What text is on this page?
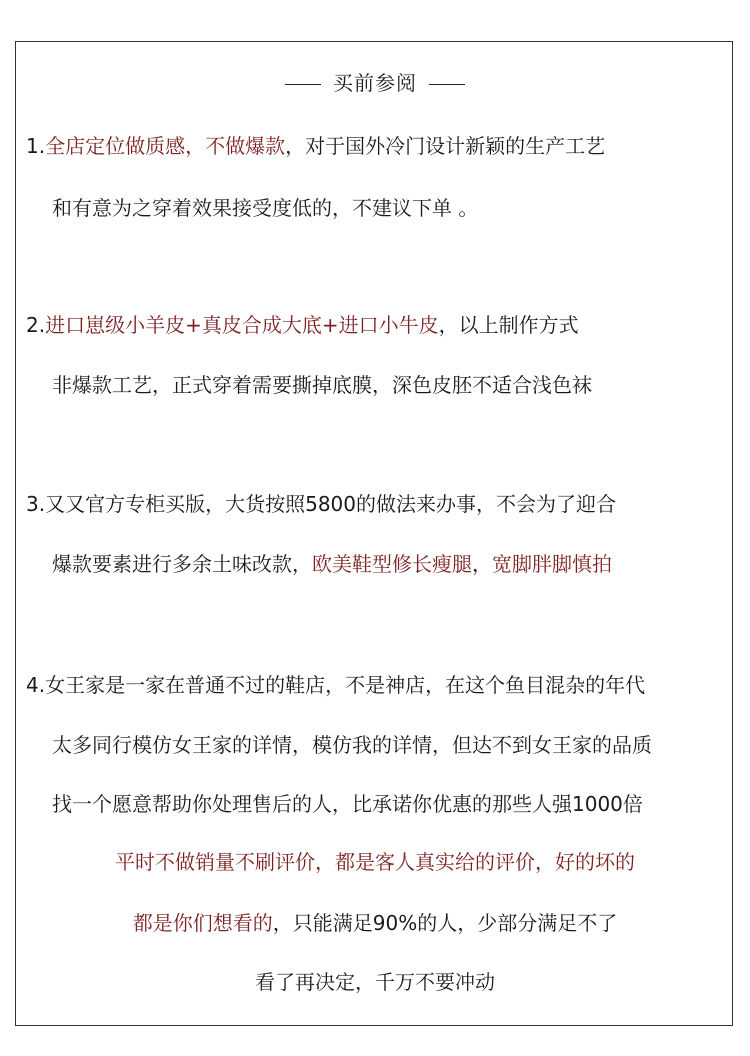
买前参阅
1.全店定位做质感，不做爆款，对于国外冷门设计新颖的生产工艺
和有意为之穿着效果接受度低的，不建议下单 。
2.进口崽级小羊皮+真皮合成大底+进口小牛皮，以上制作方式
非爆款工艺，正式穿着需要撕掉底膜，深色皮胚不适合浅色袜
3.又又官方专柜买版，大货按照5800的做法来办事，不会为了迎合
爆款要素进行多余土味改款，欧美鞋型修长瘦腿，宽脚胖脚慎拍
4.女王家是一家在普通不过的鞋店，不是神店，在这个鱼目混杂的年代
太多同行模仿女王家的详情，模仿我的详情，但达不到女王家的品质
找一个愿意帮助你处理售后的人，比承诺你优惠的那些人强1000倍
平时不做销量不刷评价，都是客人真实给的评价，好的坏的
都是你们想看的，只能满足90%的人，少部分满足不了
看了再决定，千万不要冲动
